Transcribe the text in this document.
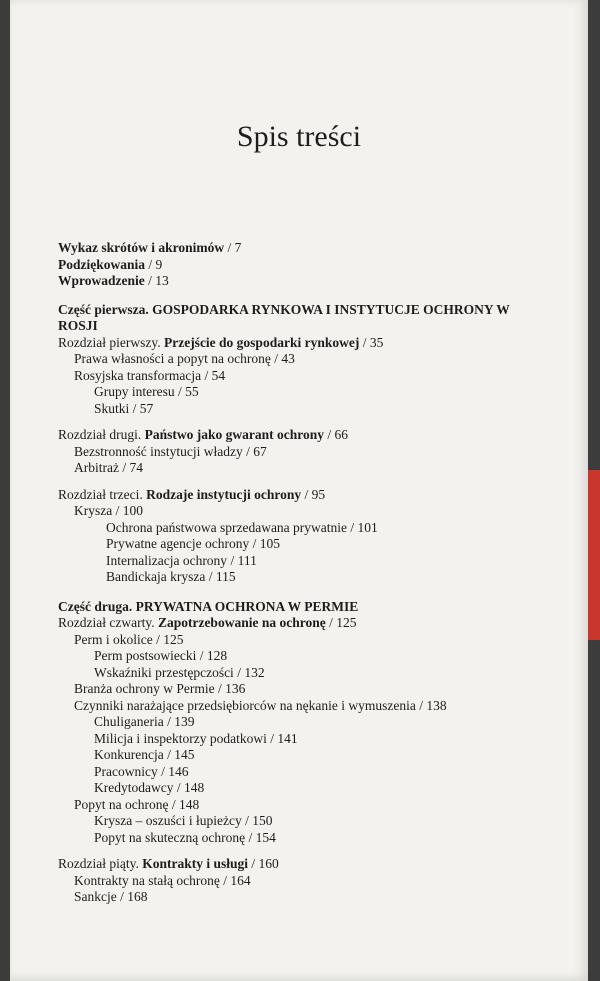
Spis treści
Wykaz skrótów i akronimów / 7
Podziękowania / 9
Wprowadzenie / 13
Część pierwsza. GOSPODARKA RYNKOWA I INSTYTUCJE OCHRONY W ROSJI
Rozdział pierwszy. Przejście do gospodarki rynkowej / 35
Prawa własności a popyt na ochronę / 43
Rosyjska transformacja / 54
Grupy interesu / 55
Skutki / 57
Rozdział drugi. Państwo jako gwarant ochrony / 66
Bezstronność instytucji władzy / 67
Arbitraż / 74
Rozdział trzeci. Rodzaje instytucji ochrony / 95
Krysza / 100
Ochrona państwowa sprzedawana prywatnie / 101
Prywatne agencje ochrony / 105
Internalizacja ochrony / 111
Bandickaja krysza / 115
Część druga. PRYWATNA OCHRONA W PERMIE
Rozdział czwarty. Zapotrzebowanie na ochronę / 125
Perm i okolice / 125
Perm postsowiecki / 128
Wskaźniki przestępczości / 132
Branża ochrony w Permie / 136
Czynniki narażające przedsiębiorców na nękanie i wymuszenia / 138
Chuliganeria / 139
Milicja i inspektorzy podatkowi / 141
Konkurencja / 145
Pracownicy / 146
Kredytodawcy / 148
Popyt na ochronę / 148
Krysza – oszuści i łupieżcy / 150
Popyt na skuteczną ochronę / 154
Rozdział piąty. Kontrakty i usługi / 160
Kontrakty na stałą ochronę / 164
Sankcje / 168
